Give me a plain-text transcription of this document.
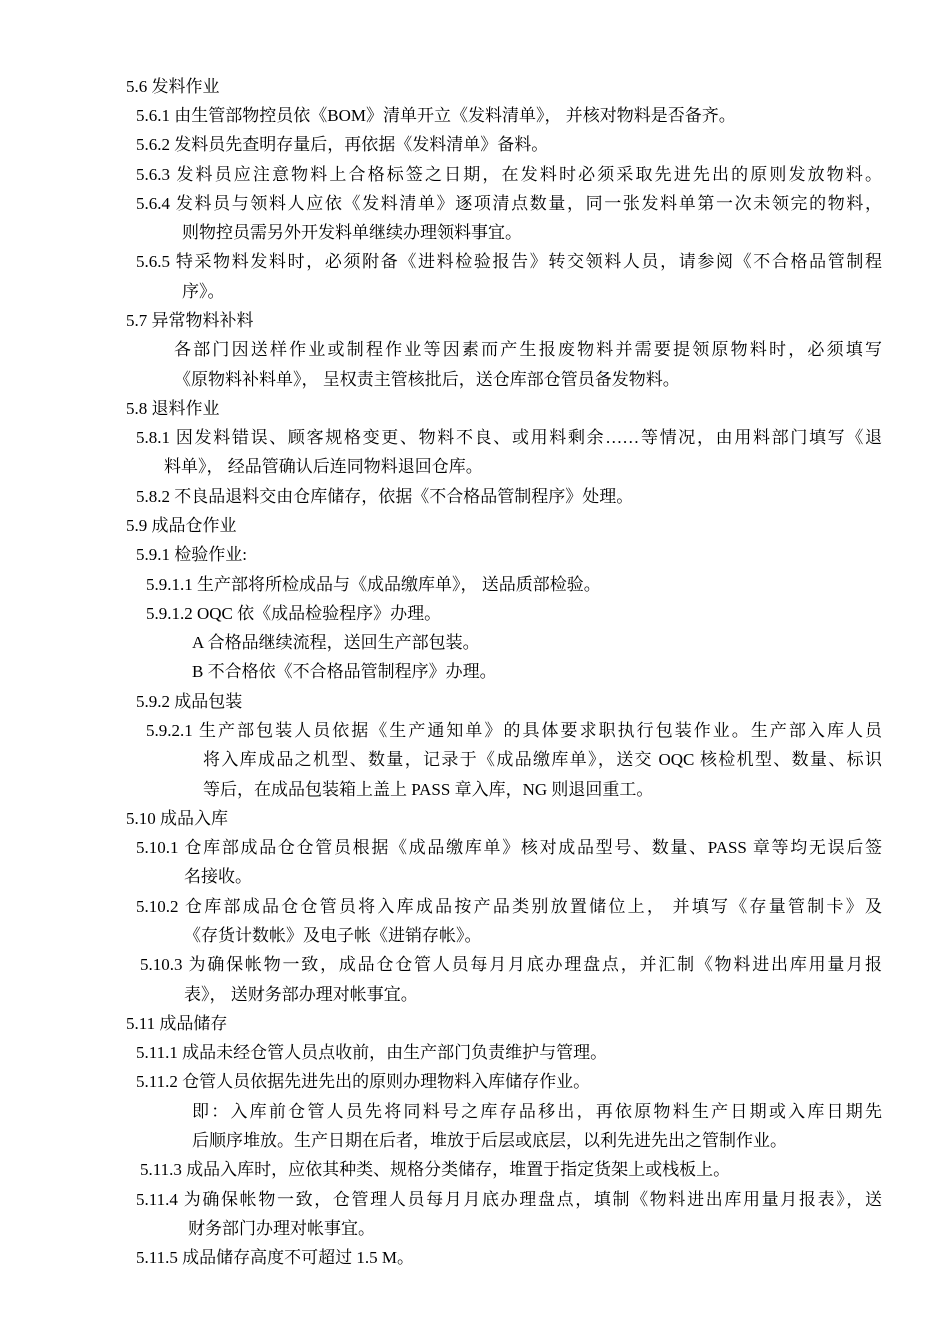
5.6 发料作业
5.6.1 由生管部物控员依《BOM》清单开立《发料清单》， 并核对物料是否备齐。
5.6.2 发料员先查明存量后，再依据《发料清单》备料。
5.6.3 发料员应注意物料上合格标签之日期，在发料时必须采取先进先出的原则发放物料。
5.6.4 发料员与领料人应依《发料清单》逐项清点数量，同一张发料单第一次未领完的物料，
则物控员需另外开发料单继续办理领料事宜。
5.6.5 特采物料发料时，必须附备《进料检验报告》转交领料人员，请参阅《不合格品管制程
序》。
5.7 异常物料补料
各部门因送样作业或制程作业等因素而产生报废物料并需要提领原物料时，必须填写
《原物料补料单》， 呈权责主管核批后，送仓库部仓管员备发物料。
5.8 退料作业
5.8.1 因发料错误、顾客规格变更、物料不良、或用料剩余……等情况，由用料部门填写《退
料单》， 经品管确认后连同物料退回仓库。
5.8.2 不良品退料交由仓库储存，依据《不合格品管制程序》处理。
5.9 成品仓作业
5.9.1 检验作业:
5.9.1.1 生产部将所检成品与《成品缴库单》， 送品质部检验。
5.9.1.2 OQC 依《成品检验程序》办理。
A 合格品继续流程，送回生产部包装。
B 不合格依《不合格品管制程序》办理。
5.9.2 成品包装
5.9.2.1 生产部包装人员依据《生产通知单》的具体要求职执行包装作业。生产部入库人员
将入库成品之机型、数量，记录于《成品缴库单》，送交 OQC 核检机型、数量、标识
等后，在成品包装箱上盖上 PASS 章入库，NG 则退回重工。
5.10 成品入库
5.10.1 仓库部成品仓仓管员根据《成品缴库单》核对成品型号、数量、PASS 章等均无误后签
名接收。
5.10.2 仓库部成品仓仓管员将入库成品按产品类别放置储位上， 并填写《存量管制卡》及
《存货计数帐》及电子帐《进销存帐》。
5.10.3 为确保帐物一致，成品仓仓管人员每月月底办理盘点，并汇制《物料进出库用量月报
表》， 送财务部办理对帐事宜。
5.11 成品储存
5.11.1 成品未经仓管人员点收前，由生产部门负责维护与管理。
5.11.2 仓管人员依据先进先出的原则办理物料入库储存作业。
即：入库前仓管人员先将同料号之库存品移出，再依原物料生产日期或入库日期先
后顺序堆放。生产日期在后者，堆放于后层或底层，以利先进先出之管制作业。
5.11.3 成品入库时，应依其种类、规格分类储存，堆置于指定货架上或栈板上。
5.11.4 为确保帐物一致，仓管理人员每月月底办理盘点，填制《物料进出库用量月报表》，送
财务部门办理对帐事宜。
5.11.5 成品储存高度不可超过 1.5 M。
